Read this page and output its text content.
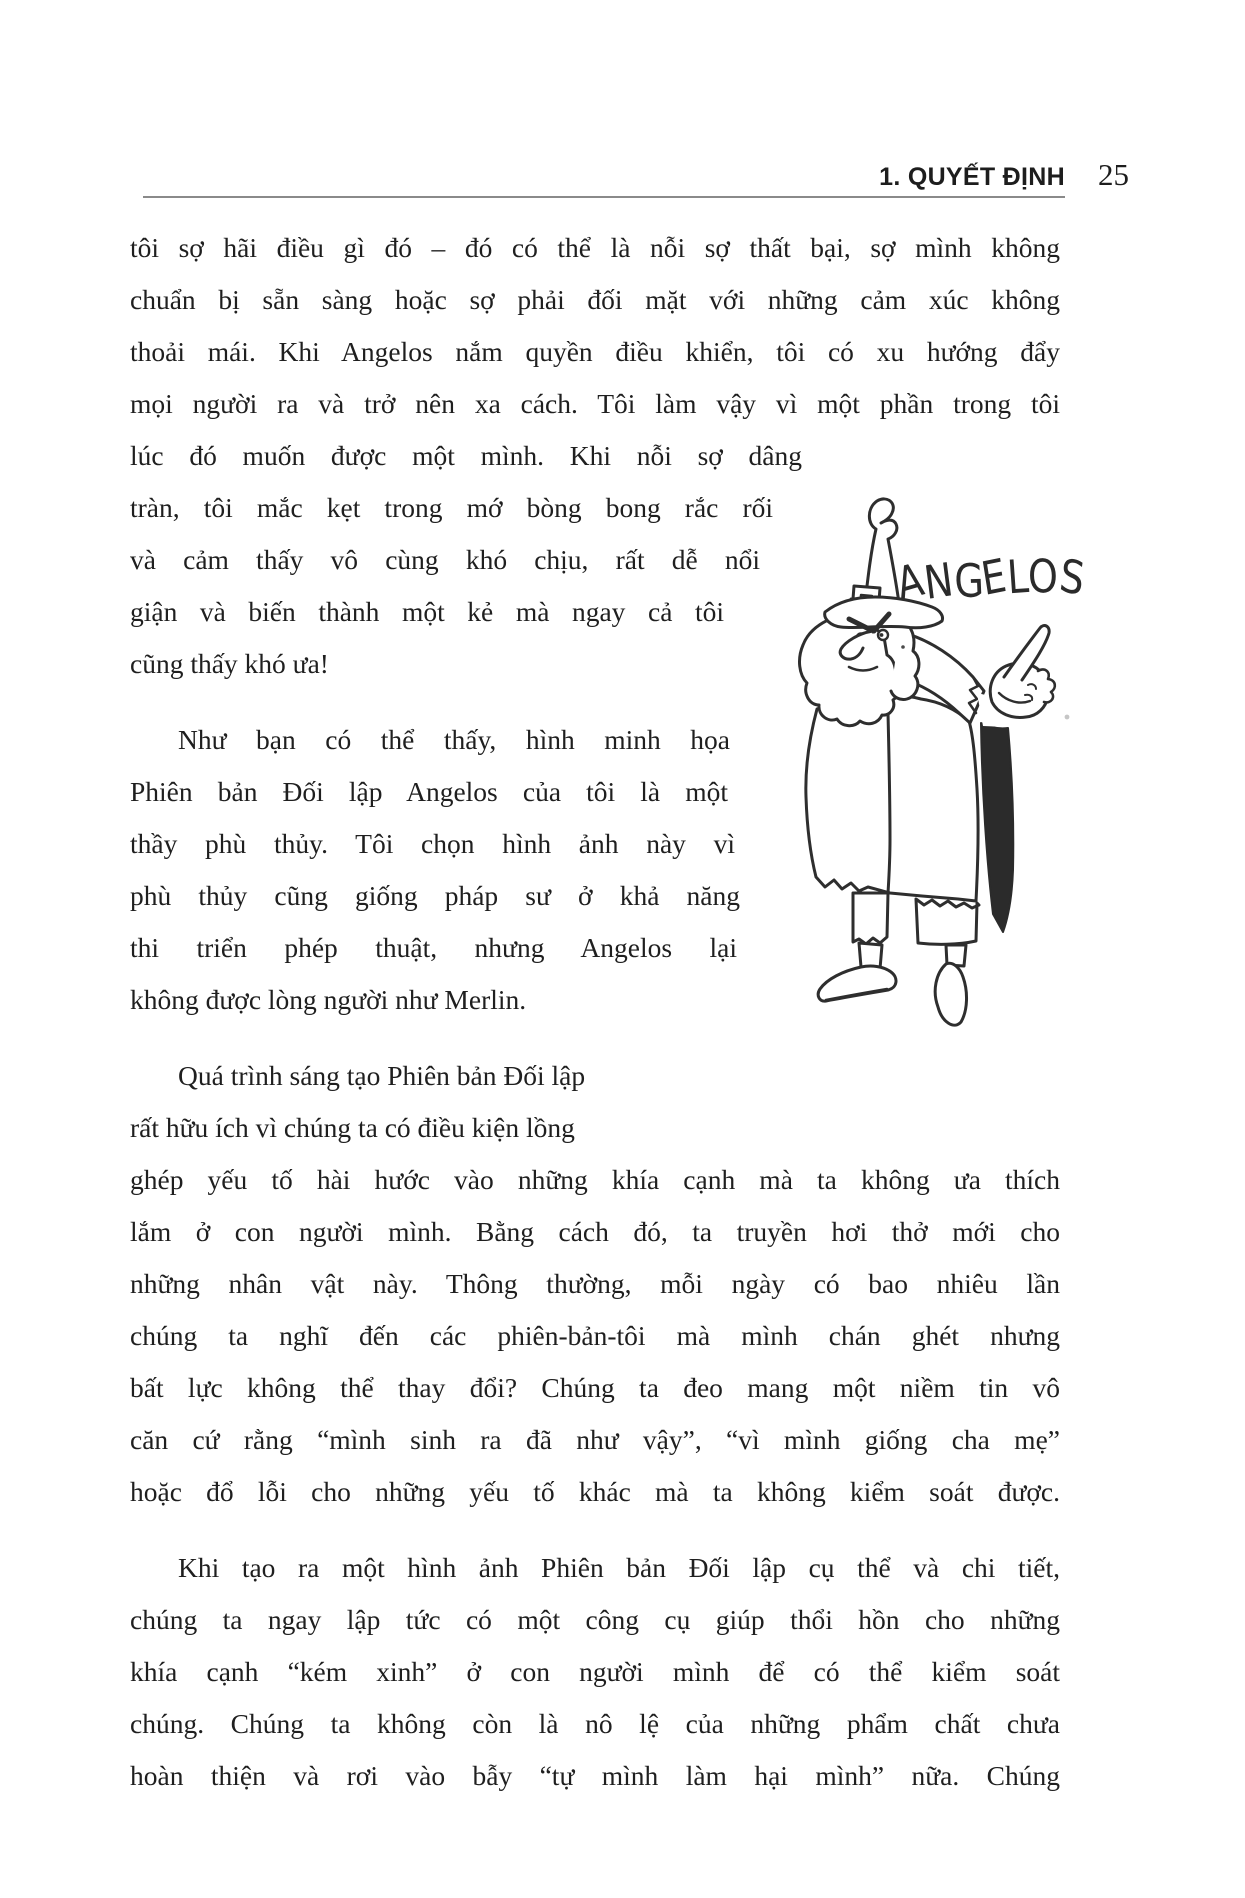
1. QUYẾT ĐỊNH 25
tôi sợ hãi điều gì đó – đó có thể là nỗi sợ thất bại, sợ mình không
chuẩn bị sẵn sàng hoặc sợ phải đối mặt với những cảm xúc không
thoải mái. Khi Angelos nắm quyền điều khiển, tôi có xu hướng đẩy
mọi người ra và trở nên xa cách. Tôi làm vậy vì một phần trong tôi
lúc đó muốn được một mình. Khi nỗi sợ dâng
tràn, tôi mắc kẹt trong mớ bòng bong rắc rối
và cảm thấy vô cùng khó chịu, rất dễ nổi
giận và biến thành một kẻ mà ngay cả tôi
cũng thấy khó ưa!
Như bạn có thể thấy, hình minh họa
Phiên bản Đối lập Angelos của tôi là một
thầy phù thủy. Tôi chọn hình ảnh này vì
phù thủy cũng giống pháp sư ở khả năng
thi triển phép thuật, nhưng Angelos lại
không được lòng người như Merlin.
Quá trình sáng tạo Phiên bản Đối lập
rất hữu ích vì chúng ta có điều kiện lồng
ghép yếu tố hài hước vào những khía cạnh mà ta không ưa thích
lắm ở con người mình. Bằng cách đó, ta truyền hơi thở mới cho
những nhân vật này. Thông thường, mỗi ngày có bao nhiêu lần
chúng ta nghĩ đến các phiên-bản-tôi mà mình chán ghét nhưng
bất lực không thể thay đổi? Chúng ta đeo mang một niềm tin vô
căn cứ rằng “mình sinh ra đã như vậy”, “vì mình giống cha mẹ”
hoặc đổ lỗi cho những yếu tố khác mà ta không kiểm soát được.
Khi tạo ra một hình ảnh Phiên bản Đối lập cụ thể và chi tiết,
chúng ta ngay lập tức có một công cụ giúp thổi hồn cho những
khía cạnh “kém xinh” ở con người mình để có thể kiểm soát
chúng. Chúng ta không còn là nô lệ của những phẩm chất chưa
hoàn thiện và rơi vào bẫy “tự mình làm hại mình” nữa. Chúng
ANGELOS
